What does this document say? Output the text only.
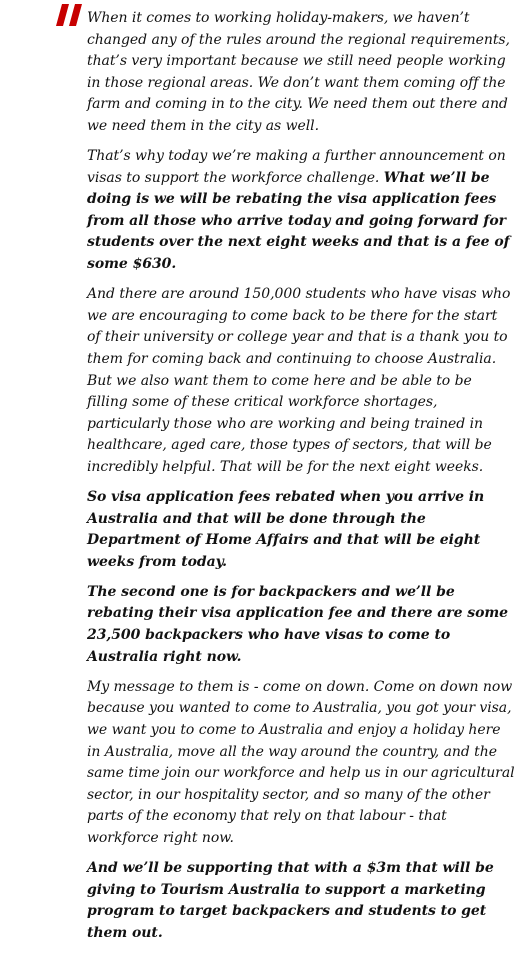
When it comes to working holiday-makers, we haven’t changed any of the rules around the regional requirements, that’s very important because we still need people working in those regional areas. We don’t want them coming off the farm and coming in to the city. We need them out there and we need them in the city as well.

That’s why today we’re making a further announcement on visas to support the workforce challenge. What we’ll be doing is we will be rebating the visa application fees from all those who arrive today and going forward for students over the next eight weeks and that is a fee of some $630.

And there are around 150,000 students who have visas who we are encouraging to come back to be there for the start of their university or college year and that is a thank you to them for coming back and continuing to choose Australia. But we also want them to come here and be able to be filling some of these critical workforce shortages, particularly those who are working and being trained in healthcare, aged care, those types of sectors, that will be incredibly helpful. That will be for the next eight weeks.

So visa application fees rebated when you arrive in Australia and that will be done through the Department of Home Affairs and that will be eight weeks from today.

The second one is for backpackers and we’ll be rebating their visa application fee and there are some 23,500 backpackers who have visas to come to Australia right now.

My message to them is - come on down. Come on down now because you wanted to come to Australia, you got your visa, we want you to come to Australia and enjoy a holiday here in Australia, move all the way around the country, and the same time join our workforce and help us in our agricultural sector, in our hospitality sector, and so many of the other parts of the economy that rely on that labour - that workforce right now.

And we’ll be supporting that with a $3m that will be giving to Tourism Australia to support a marketing program to target backpackers and students to get them out.
